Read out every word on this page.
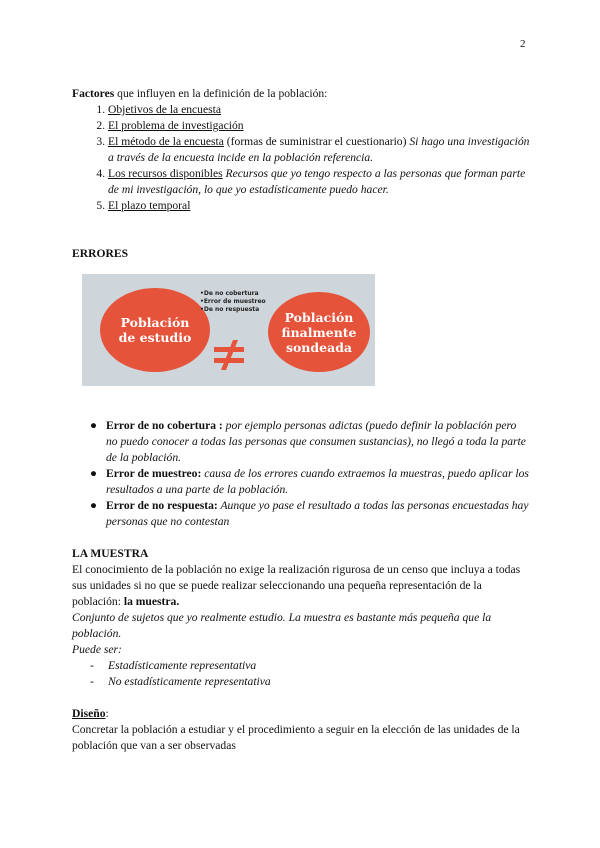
2

Factores que influyen en la definición de la población:

1. Objetivos de la encuesta
2. El problema de investigación
3. El método de la encuesta (formas de suministrar el cuestionario) Si hago una investigación a través de la encuesta incide en la población referencia.
4. Los recursos disponibles Recursos que yo tengo respecto a las personas que forman parte de mi investigación, lo que yo estadísticamente puedo hacer.
5. El plazo temporal

ERRORES

Población de estudio
•De no cobertura
•Error de muestreo
•De no respuesta	Población finalmente sondeada
● Error de no cobertura : por ejemplo personas adictas (puedo definir la población pero no puedo conocer a todas las personas que consumen sustancias), no llegó a toda la parte de la población.
● Error de muestreo: causa de los errores cuando extraemos la muestras, puedo aplicar los resultados a una parte de la población.
● Error de no respuesta: Aunque yo pase el resultado a todas las personas encuestadas hay personas que no contestan

LA MUESTRA

El conocimiento de la población no exige la realización rigurosa de un censo que incluya a todas sus unidades si no que se puede realizar seleccionando una pequeña representación de la población: la muestra.

Conjunto de sujetos que yo realmente estudio. La muestra es bastante más pequeña que la población.

Puede ser:

- Estadísticamente representativa
- No estadísticamente representativa

Diseño:

Concretar la población a estudiar y el procedimiento a seguir en la elección de las unidades de la población que van a ser observadas
